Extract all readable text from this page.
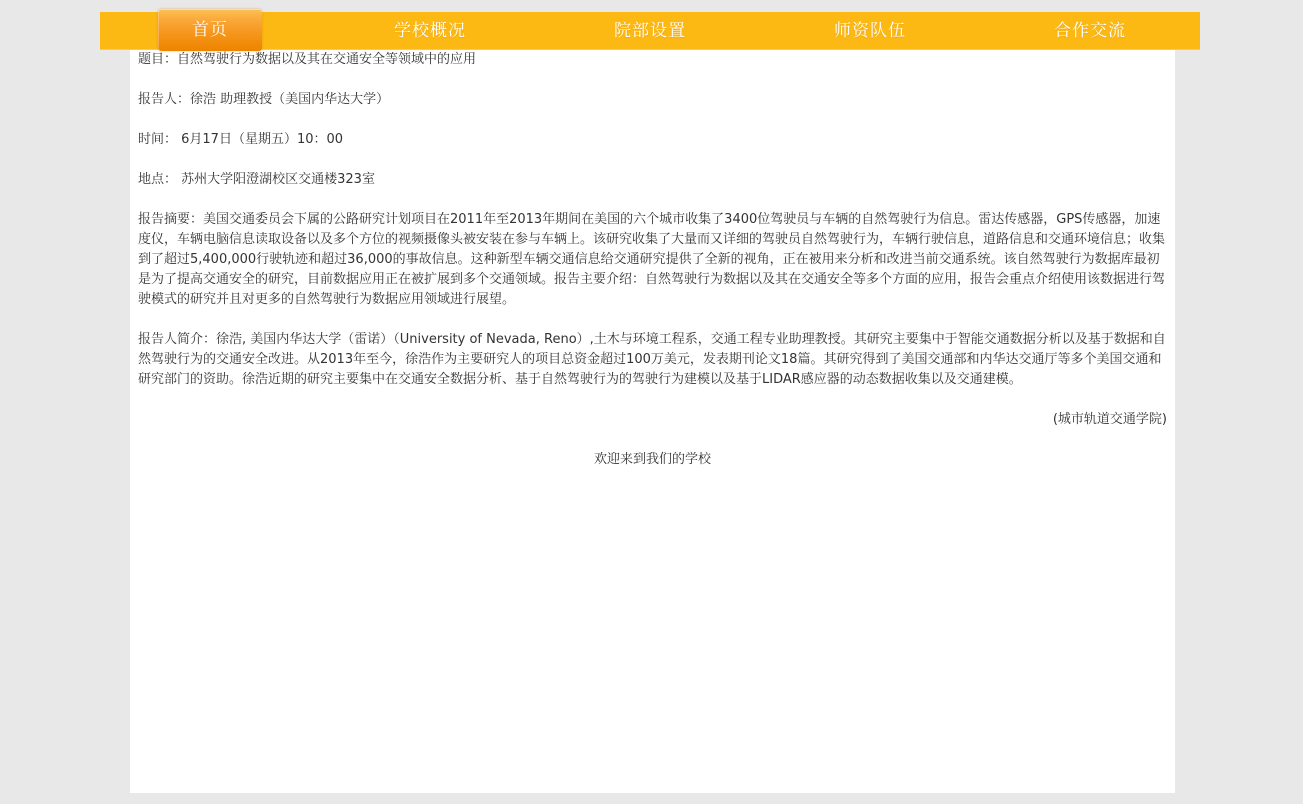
首页	学校概况	院部设置	师资队伍	合作交流

题目：自然驾驶行为数据以及其在交通安全等领域中的应用

报告人：徐浩 助理教授（美国内华达大学）

时间： 6月17日（星期五）10：00

地点： 苏州大学阳澄湖校区交通楼323室

报告摘要：美国交通委员会下属的公路研究计划项目在2011年至2013年期间在美国的六个城市收集了3400位驾驶员与车辆的自然驾驶行为信息。雷达传感器，GPS传感器，加速度仪，车辆电脑信息读取设备以及多个方位的视频摄像头被安装在参与车辆上。该研究收集了大量而又详细的驾驶员自然驾驶行为，车辆行驶信息，道路信息和交通环境信息；收集到了超过5,400,000行驶轨迹和超过36,000的事故信息。这种新型车辆交通信息给交通研究提供了全新的视角，正在被用来分析和改进当前交通系统。该自然驾驶行为数据库最初是为了提高交通安全的研究，目前数据应用正在被扩展到多个交通领域。报告主要介绍：自然驾驶行为数据以及其在交通安全等多个方面的应用，报告会重点介绍使用该数据进行驾驶模式的研究并且对更多的自然驾驶行为数据应用领域进行展望。

报告人简介：徐浩, 美国内华达大学（雷诺）（University of Nevada, Reno）,土木与环境工程系，交通工程专业助理教授。其研究主要集中于智能交通数据分析以及基于数据和自然驾驶行为的交通安全改进。从2013年至今，徐浩作为主要研究人的项目总资金超过100万美元，发表期刊论文18篇。其研究得到了美国交通部和内华达交通厅等多个美国交通和研究部门的资助。徐浩近期的研究主要集中在交通安全数据分析、基于自然驾驶行为的驾驶行为建模以及基于LIDAR感应器的动态数据收集以及交通建模。

(城市轨道交通学院)

欢迎来到我们的学校
